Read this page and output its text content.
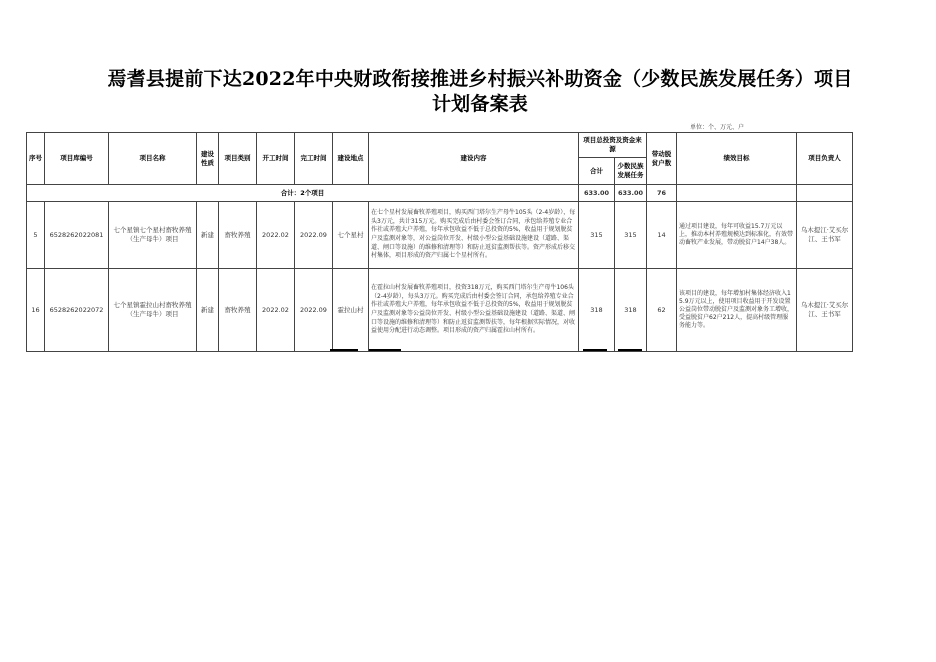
焉耆县提前下达2022年中央财政衔接推进乡村振兴补助资金（少数民族发展任务）项目
计划备案表
单位：个、万元、户
序号	项目库编号	项目名称	建设性质	项目类别	开工时间	完工时间	建设地点	建设内容	项目总投资及资金来源		带动脱贫户数	绩效目标	项目负责人
									合计	少数民族发展任务			
合计：2个项目									633.00	633.00	76		
5	6528262022081	七个星镇七个星村畜牧养殖（生产母牛）项目	新建	畜牧养殖	2022.02	2022.09	七个星村	在七个星村发展畜牧养殖项目，购买西门塔尔生产母牛105头（2-4岁龄），每头3万元，共计315万元。购买完成后由村委会签订合同，承包给养殖专业合作社或养殖大户养殖，每年承包收益不低于总投资的5%，收益用于规划脱贫户及监测对象等，对公益岗位开发、村级小型公益基础设施建设（道路、渠道、闸口等设施）的维修和清理等）和防止返贫监测帮扶等。资产形成后移交村集体，项目形成的资产归属七个星村所有。	315	315	14	通过项目建设，每年可收益15.7万元以上，推动本村养殖规模达到标准化，有效带动畜牧产业发展，带动脱贫户14户38人。	乌木提江·艾买尔江、王书军
16	6528262022072	七个星镇霍拉山村畜牧养殖（生产母牛）项目	新建	畜牧养殖	2022.02	2022.09	霍拉山村	在霍拉山村发展畜牧养殖项目，投资318万元，购买西门塔尔生产母牛106头（2-4岁龄），每头3万元。购买完成后由村委会签订合同，承包给养殖专业合作社或养殖大户养殖，每年承包收益不低于总投资的5%，收益用于规划脱贫户及监测对象等公益岗位开发、村级小型公益基础设施建设（道路、渠道、闸口等设施的维修和清理等）和防止返贫监测帮扶等，每年根据实际情况，对收益使用分配进行动态调整。项目形成的资产归属霍拉山村所有。	318	318	62	该项目的建设，每年增加村集体经济收入15.9万元以上，使用项目收益用于开发设置公益岗位带动脱贫户及监测对象务工增收，受益脱贫户62户212人，提高村级管理服务能力等。	乌木提江·艾买尔江、王书军
